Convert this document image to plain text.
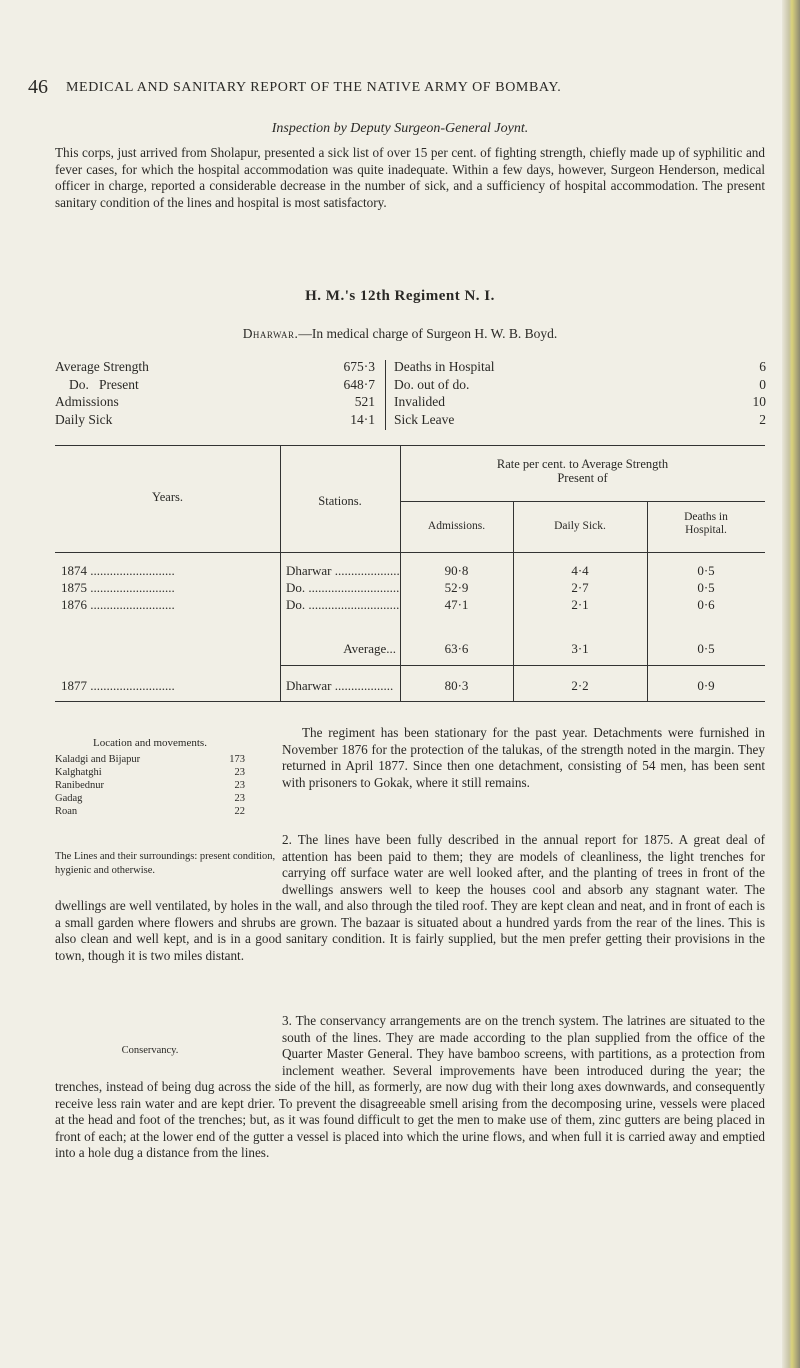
46 MEDICAL AND SANITARY REPORT OF THE NATIVE ARMY OF BOMBAY.
Inspection by Deputy Surgeon-General Joynt.
This corps, just arrived from Sholapur, presented a sick list of over 15 per cent. of fighting strength, chiefly made up of syphilitic and fever cases, for which the hospital accommodation was quite inadequate. Within a few days, however, Surgeon Henderson, medical officer in charge, reported a considerable decrease in the number of sick, and a sufficiency of hospital accommodation. The present sanitary condition of the lines and hospital is most satisfactory.
H. M.'s 12th Regiment N. I.
Dharwar.—In medical charge of Surgeon H. W. B. Boyd.
Average Strength	675·3
Do.   Present	648·7
Admissions	521
Daily Sick	14·1
Deaths in Hospital	6
Do. out of do.	0
Invalided	10
Sick Leave	2
Years.	Stations.
Rate per cent. to Average Strength Present of
Admissions.	Daily Sick.
Deaths in Hospital.
1874 ..........................	Dharwar ....................	90·8	4·4	0·5
1875 ..........................	Do. ............................	52·9	2·7	0·5
1876 ..........................	Do. ............................	47·1	2·1	0·6
Average...	63·6	3·1	0·5
1877 ..........................	Dharwar ..................	80·3	2·2	0·9
Location and movements.
Kaladgi and Bijapur	173
Kalghatghi	23
Ranibednur	23
Gadag	23
Roan	22
The regiment has been stationary for the past year. Detachments were furnished in November 1876 for the protection of the talukas, of the strength noted in the margin. They returned in April 1877. Since then one detachment, consisting of 54 men, has been sent with prisoners to Gokak, where it still remains.
The Lines and their surroundings: present condition, hygienic and otherwise.
2. The lines have been fully described in the annual report for 1875. A great deal of attention has been paid to them; they are models of cleanliness, the light trenches for carrying off surface water are well looked after, and the planting of trees in front of the dwellings answers well to keep the houses cool and absorb any stagnant water. The dwellings are well ventilated, by holes in the wall, and also through the tiled roof. They are kept clean and neat, and in front of each is a small garden where flowers and shrubs are grown. The bazaar is situated about a hundred yards from the rear of the lines. This is also clean and well kept, and is in a good sanitary condition. It is fairly supplied, but the men prefer getting their provisions in the town, though it is two miles distant.
Conservancy.
3. The conservancy arrangements are on the trench system. The latrines are situated to the south of the lines. They are made according to the plan supplied from the office of the Quarter Master General. They have bamboo screens, with partitions, as a protection from inclement weather. Several improvements have been introduced during the year; the trenches, instead of being dug across the side of the hill, as formerly, are now dug with their long axes downwards, and consequently receive less rain water and are kept drier. To prevent the disagreeable smell arising from the decomposing urine, vessels were placed at the head and foot of the trenches; but, as it was found difficult to get the men to make use of them, zinc gutters are being placed in front of each; at the lower end of the gutter a vessel is placed into which the urine flows, and when full it is carried away and emptied into a hole dug a distance from the lines.
